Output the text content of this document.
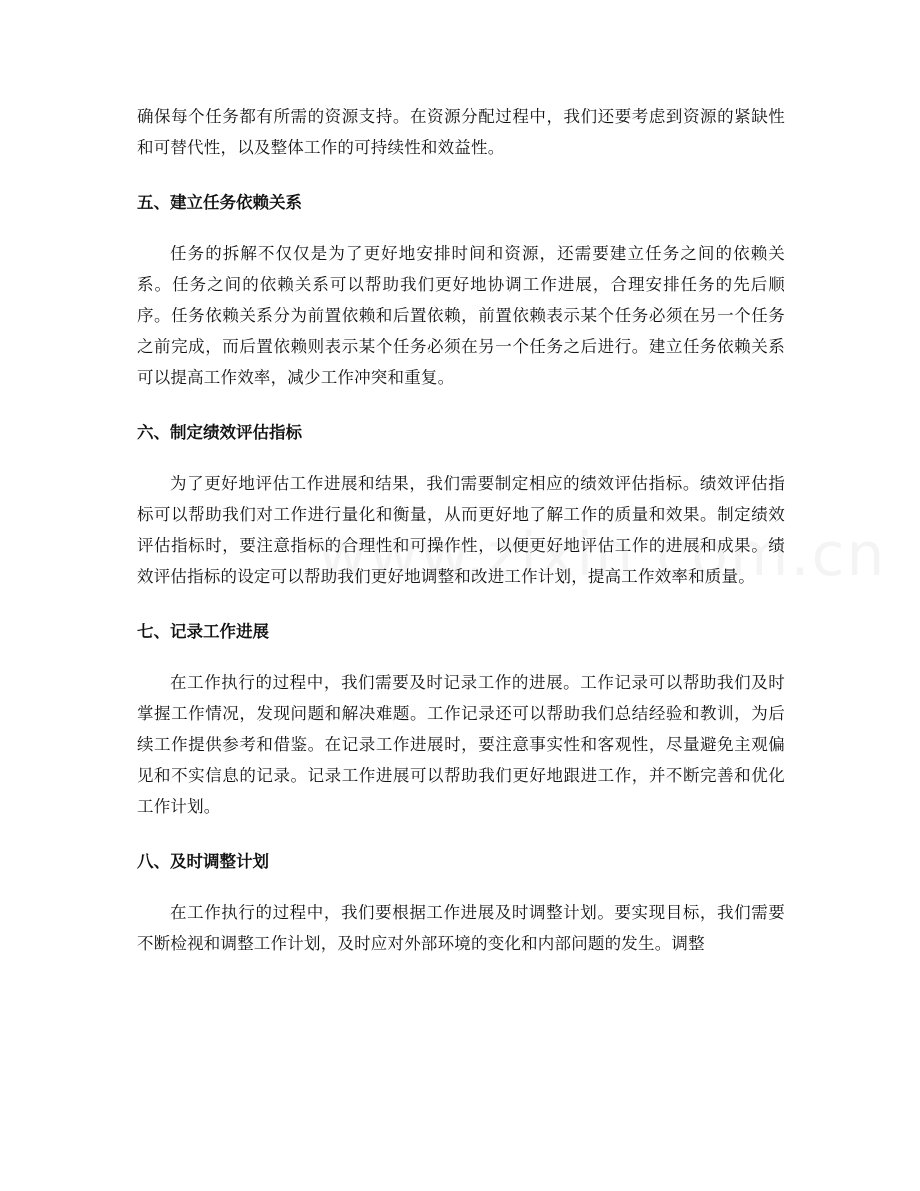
确保每个任务都有所需的资源支持。在资源分配过程中，我们还要考虑到资源的紧缺性和可替代性，以及整体工作的可持续性和效益性。

五、建立任务依赖关系

任务的拆解不仅仅是为了更好地安排时间和资源，还需要建立任务之间的依赖关系。任务之间的依赖关系可以帮助我们更好地协调工作进展，合理安排任务的先后顺序。任务依赖关系分为前置依赖和后置依赖，前置依赖表示某个任务必须在另一个任务之前完成，而后置依赖则表示某个任务必须在另一个任务之后进行。建立任务依赖关系可以提高工作效率，减少工作冲突和重复。

六、制定绩效评估指标

为了更好地评估工作进展和结果，我们需要制定相应的绩效评估指标。绩效评估指标可以帮助我们对工作进行量化和衡量，从而更好地了解工作的质量和效果。制定绩效评估指标时，要注意指标的合理性和可操作性，以便更好地评估工作的进展和成果。绩效评估指标的设定可以帮助我们更好地调整和改进工作计划，提高工作效率和质量。

七、记录工作进展

在工作执行的过程中，我们需要及时记录工作的进展。工作记录可以帮助我们及时掌握工作情况，发现问题和解决难题。工作记录还可以帮助我们总结经验和教训，为后续工作提供参考和借鉴。在记录工作进展时，要注意事实性和客观性，尽量避免主观偏见和不实信息的记录。记录工作进展可以帮助我们更好地跟进工作，并不断完善和优化工作计划。

八、及时调整计划

在工作执行的过程中，我们要根据工作进展及时调整计划。要实现目标，我们需要不断检视和调整工作计划，及时应对外部环境的变化和内部问题的发生。调整
